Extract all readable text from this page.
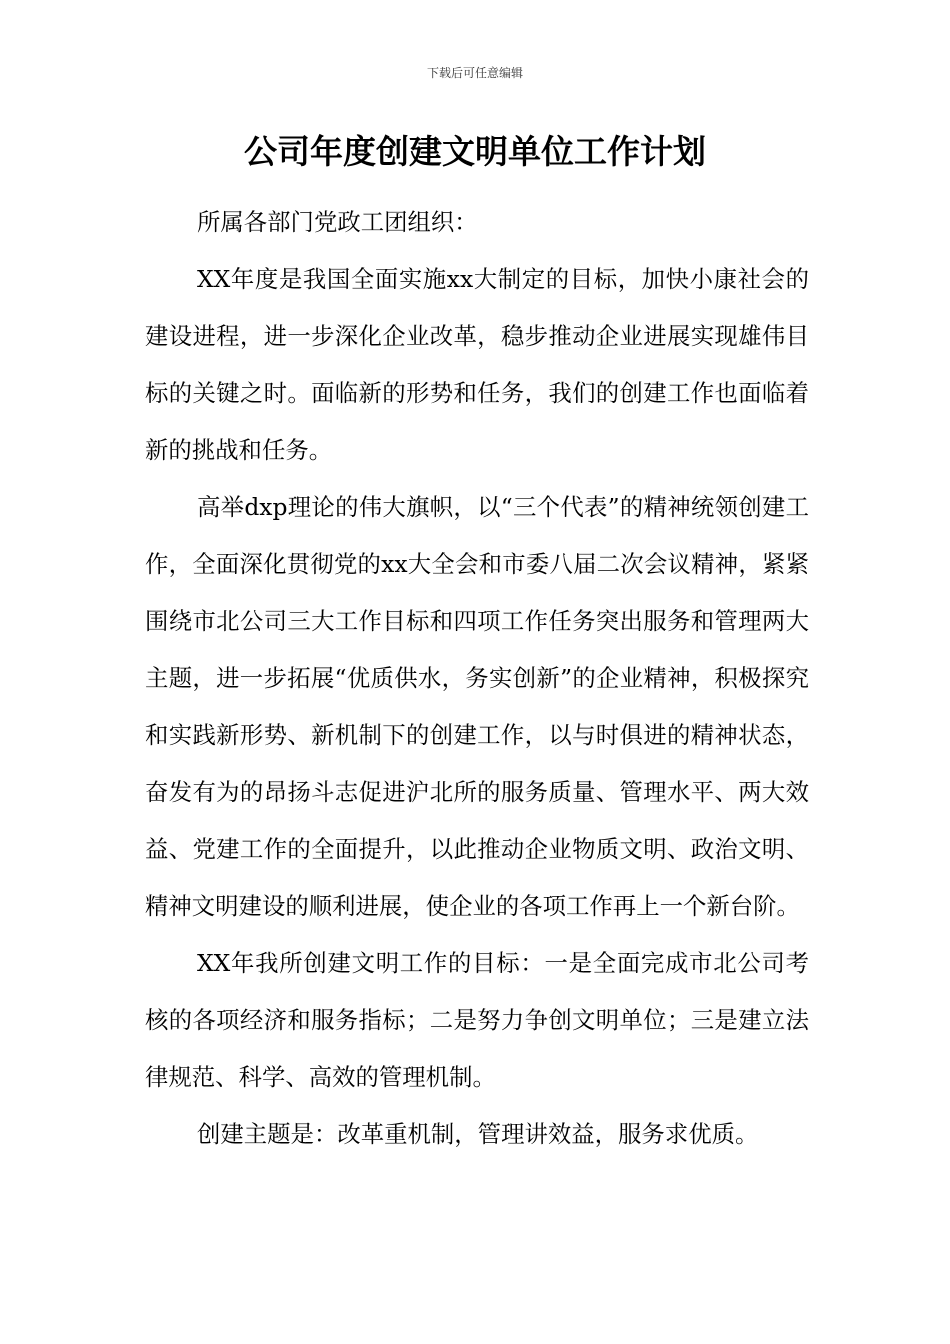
下载后可任意编辑
公司年度创建文明单位工作计划

所属各部门党政工团组织：

XX年度是我国全面实施xx大制定的目标，加快小康社会的建设进程，进一步深化企业改革，稳步推动企业进展实现雄伟目标的关键之时。面临新的形势和任务，我们的创建工作也面临着新的挑战和任务。

高举dxp理论的伟大旗帜，以“三个代表”的精神统领创建工作，全面深化贯彻党的xx大全会和市委八届二次会议精神，紧紧围绕市北公司三大工作目标和四项工作任务突出服务和管理两大主题，进一步拓展“优质供水，务实创新”的企业精神，积极探究和实践新形势、新机制下的创建工作，以与时俱进的精神状态，奋发有为的昂扬斗志促进沪北所的服务质量、管理水平、两大效益、党建工作的全面提升，以此推动企业物质文明、政治文明、精神文明建设的顺利进展，使企业的各项工作再上一个新台阶。

XX年我所创建文明工作的目标：一是全面完成市北公司考核的各项经济和服务指标；二是努力争创文明单位；三是建立法律规范、科学、高效的管理机制。

创建主题是：改革重机制，管理讲效益，服务求优质。
